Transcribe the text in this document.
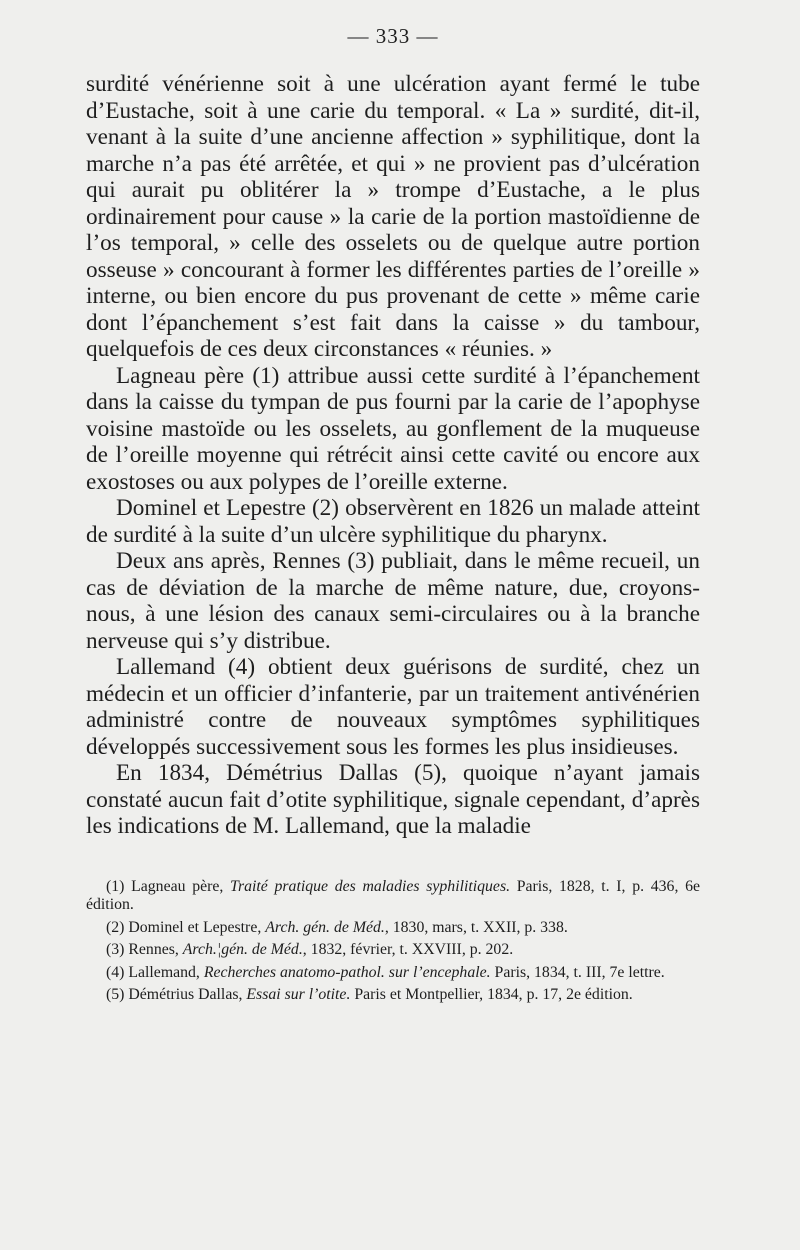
— 333 —

surdité vénérienne soit à une ulcération ayant fermé le tube d’Eustache, soit à une carie du temporal. « La » surdité, dit-il, venant à la suite d’une ancienne affection » syphilitique, dont la marche n’a pas été arrêtée, et qui » ne provient pas d’ulcération qui aurait pu oblitérer la » trompe d’Eustache, a le plus ordinairement pour cause » la carie de la portion mastoïdienne de l’os temporal, » celle des osselets ou de quelque autre portion osseuse » concourant à former les différentes parties de l’oreille » interne, ou bien encore du pus provenant de cette » même carie dont l’épanchement s’est fait dans la caisse » du tambour, quelquefois de ces deux circonstances « réunies. »

Lagneau père (1) attribue aussi cette surdité à l’épanchement dans la caisse du tympan de pus fourni par la carie de l’apophyse voisine mastoïde ou les osselets, au gonflement de la muqueuse de l’oreille moyenne qui rétrécit ainsi cette cavité ou encore aux exostoses ou aux polypes de l’oreille externe.

Dominel et Lepestre (2) observèrent en 1826 un malade atteint de surdité à la suite d’un ulcère syphilitique du pharynx.

Deux ans après, Rennes (3) publiait, dans le même recueil, un cas de déviation de la marche de même nature, due, croyons-nous, à une lésion des canaux semi-circulaires ou à la branche nerveuse qui s’y distribue.

Lallemand (4) obtient deux guérisons de surdité, chez un médecin et un officier d’infanterie, par un traitement antivénérien administré contre de nouveaux symptômes syphilitiques développés successivement sous les formes les plus insidieuses.

En 1834, Démétrius Dallas (5), quoique n’ayant jamais constaté aucun fait d’otite syphilitique, signale cependant, d’après les indications de M. Lallemand, que la maladie

(1) Lagneau père, Traité pratique des maladies syphilitiques. Paris, 1828, t. I, p. 436, 6e édition.

(2) Dominel et Lepestre, Arch. gén. de Méd., 1830, mars, t. XXII, p. 338.

(3) Rennes, Arch.¦gén. de Méd., 1832, février, t. XXVIII, p. 202.

(4) Lallemand, Recherches anatomo-pathol. sur l’encephale. Paris, 1834, t. III, 7e lettre.

(5) Démétrius Dallas, Essai sur l’otite. Paris et Montpellier, 1834, p. 17, 2e édition.
